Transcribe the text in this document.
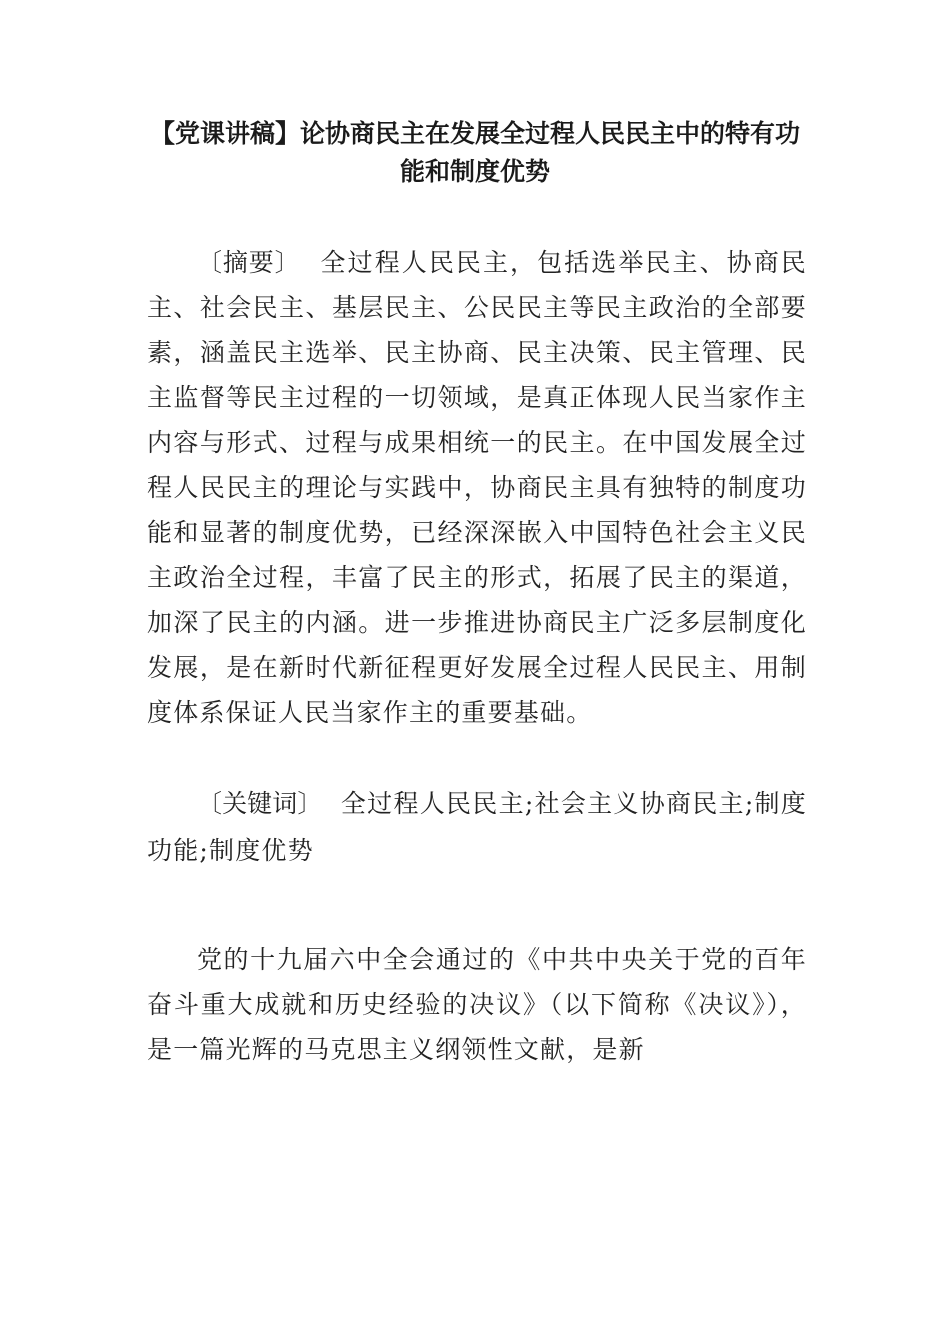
【党课讲稿】论协商民主在发展全过程人民民主中的特有功能和制度优势

〔摘要〕 全过程人民民主，包括选举民主、协商民主、社会民主、基层民主、公民民主等民主政治的全部要素，涵盖民主选举、民主协商、民主决策、民主管理、民主监督等民主过程的一切领域，是真正体现人民当家作主内容与形式、过程与成果相统一的民主。在中国发展全过程人民民主的理论与实践中，协商民主具有独特的制度功能和显著的制度优势，已经深深嵌入中国特色社会主义民主政治全过程，丰富了民主的形式，拓展了民主的渠道，加深了民主的内涵。进一步推进协商民主广泛多层制度化发展，是在新时代新征程更好发展全过程人民民主、用制度体系保证人民当家作主的重要基础。

〔关键词〕 全过程人民民主;社会主义协商民主;制度功能;制度优势

党的十九届六中全会通过的《中共中央关于党的百年奋斗重大成就和历史经验的决议》（以下简称《决议》），是一篇光辉的马克思主义纲领性文献，是新
